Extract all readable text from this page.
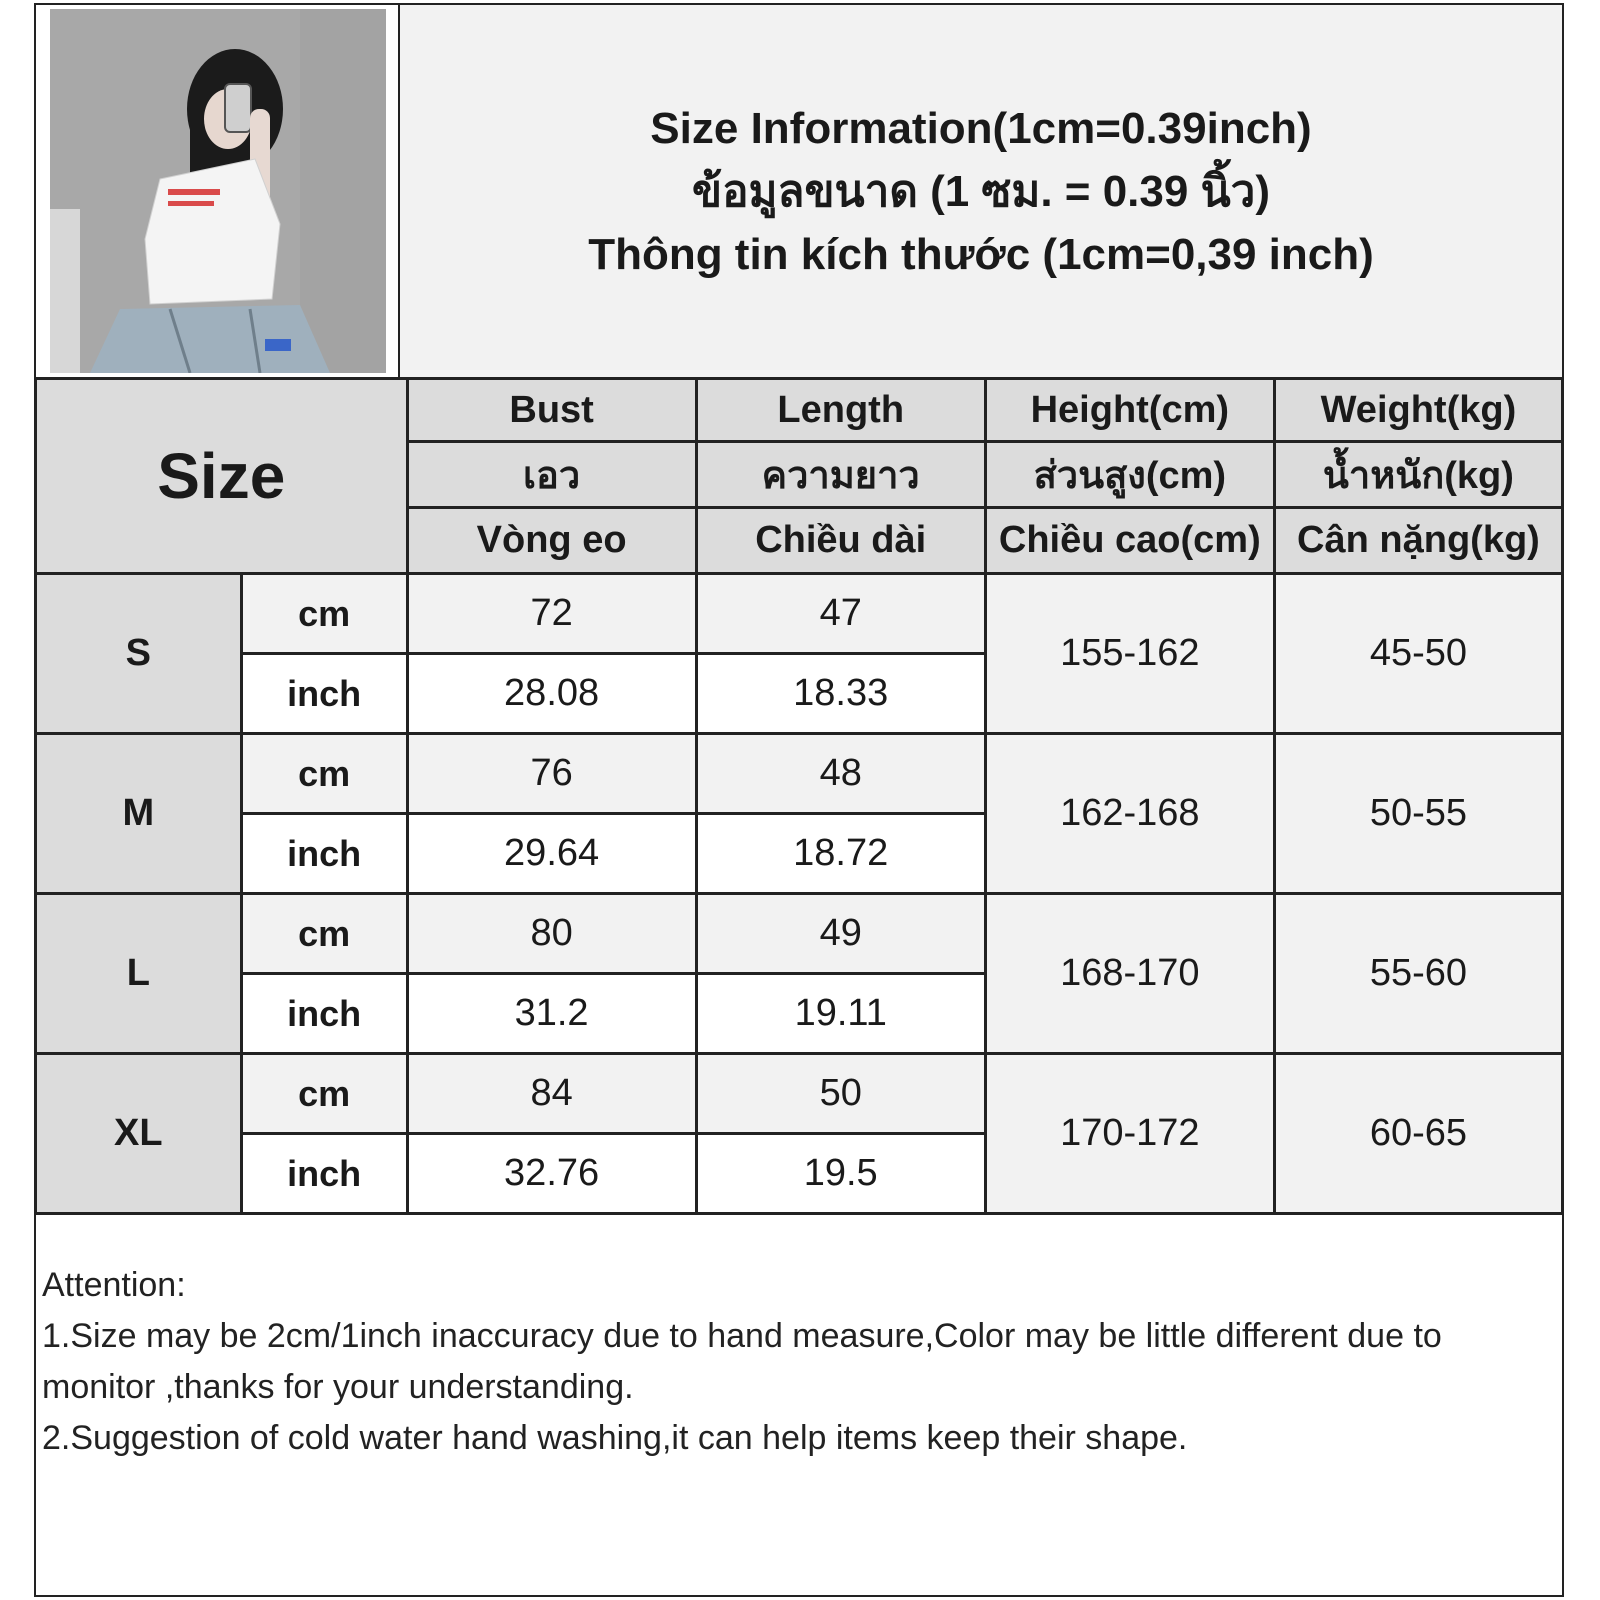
Size Information(1cm=0.39inch)
ข้อมูลขนาด (1 ซม. = 0.39 นิ้ว)
Thông tin kích thước (1cm=0,39 inch)
Size		Bust	Length	Height(cm)	Weight(kg)
		เอว	ความยาว	ส่วนสูง(cm)	น้ำหนัก(kg)
		Vòng eo	Chiều dài	Chiều cao(cm)	Cân nặng(kg)
S	cm	72	47	155-162	45-50
	inch	28.08	18.33		
M	cm	76	48	162-168	50-55
	inch	29.64	18.72		
L	cm	80	49	168-170	55-60
	inch	31.2	19.11		
XL	cm	84	50	170-172	60-65
	inch	32.76	19.5		
Attention:
1.Size may be 2cm/1inch inaccuracy due to hand measure,Color may be little different due to monitor ,thanks for your understanding.
2.Suggestion of cold water hand washing,it can help items keep their shape.
